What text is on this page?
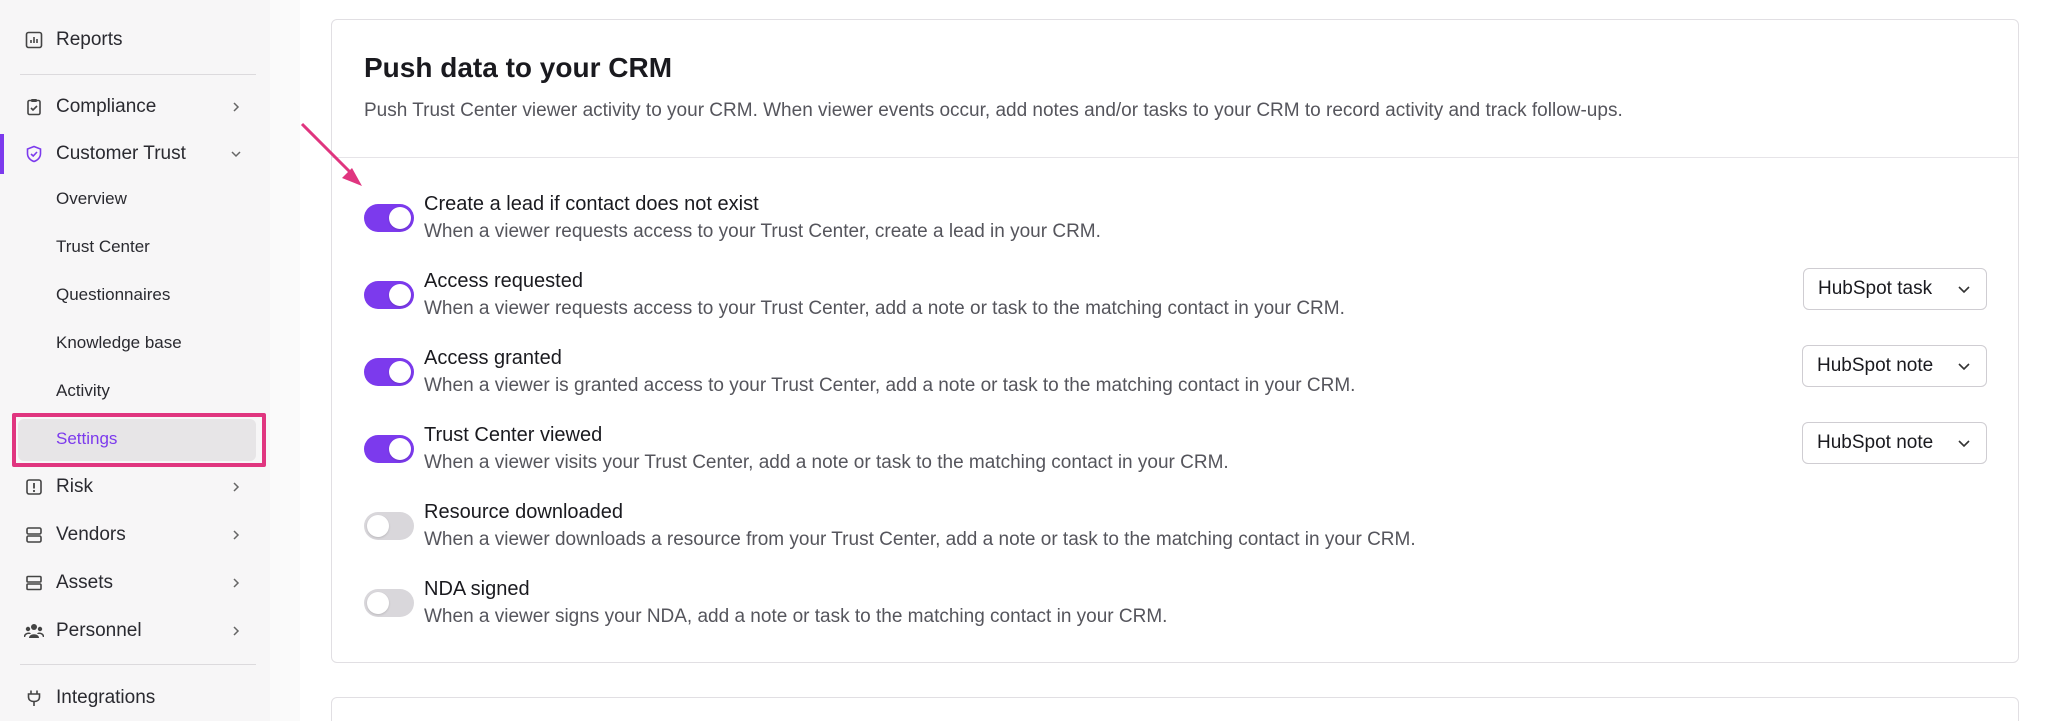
Reports
Compliance
Customer Trust
Overview
Trust Center
Questionnaires
Knowledge base
Activity
Settings
Risk
Vendors
Assets
Personnel
Integrations
Push data to your CRM

Push Trust Center viewer activity to your CRM. When viewer events occur, add notes and/or tasks to your CRM to record activity and track follow-ups.

Create a lead if contact does not exist
When a viewer requests access to your Trust Center, create a lead in your CRM.
Access requested
When a viewer requests access to your Trust Center, add a note or task to the matching contact in your CRM.
HubSpot task
Access granted
When a viewer is granted access to your Trust Center, add a note or task to the matching contact in your CRM.
HubSpot note
Trust Center viewed
When a viewer visits your Trust Center, add a note or task to the matching contact in your CRM.
HubSpot note
Resource downloaded
When a viewer downloads a resource from your Trust Center, add a note or task to the matching contact in your CRM.
NDA signed
When a viewer signs your NDA, add a note or task to the matching contact in your CRM.
